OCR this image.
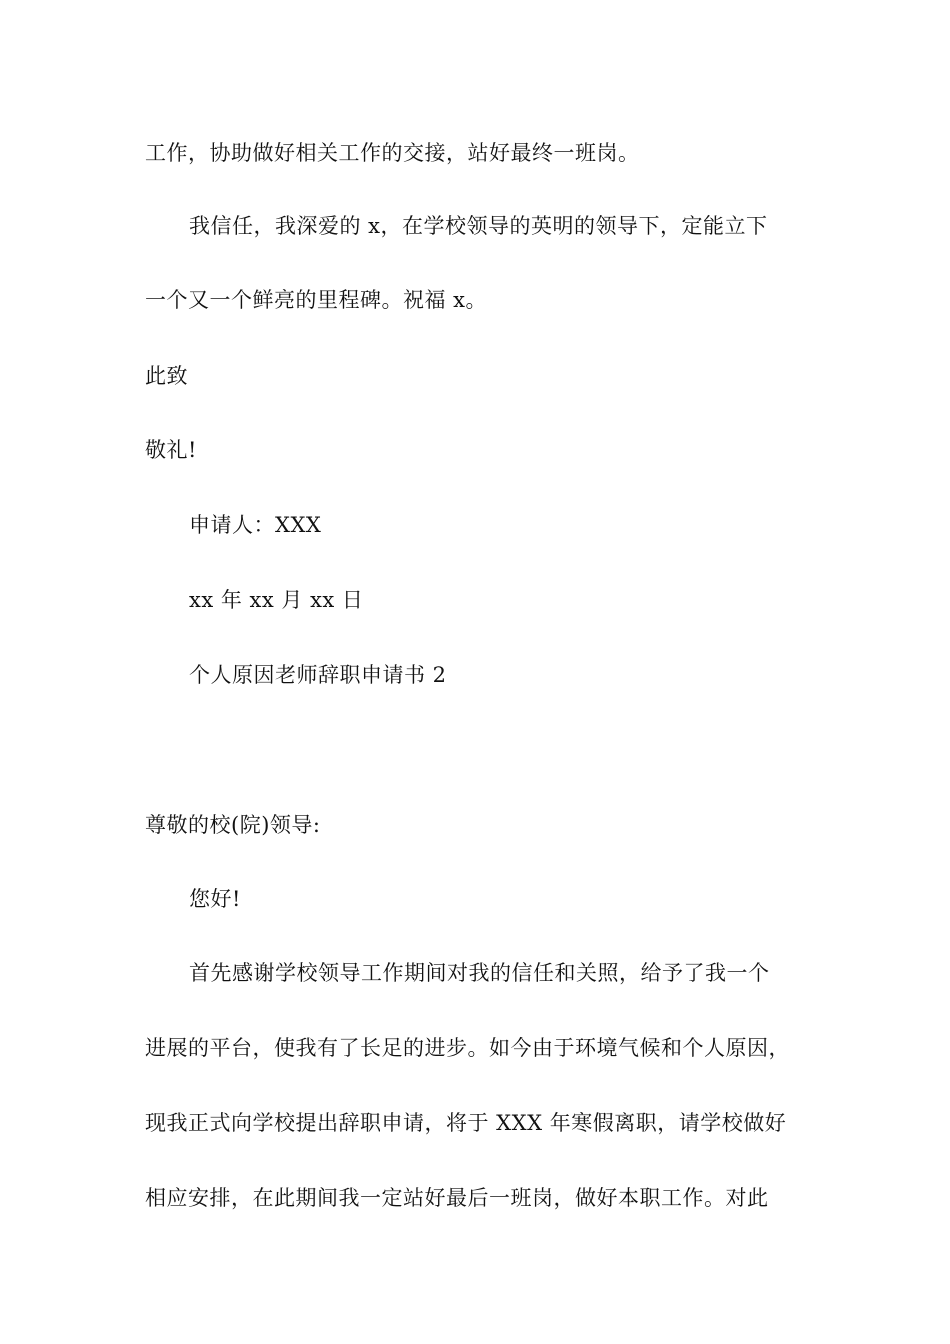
工作，协助做好相关工作的交接，站好最终一班岗。
我信任，我深爱的 x，在学校领导的英明的领导下，定能立下
一个又一个鲜亮的里程碑。祝福 x。
此致
敬礼!
申请人：XXX
xx 年 xx 月 xx 日
个人原因老师辞职申请书 2
尊敬的校(院)领导:
您好!
首先感谢学校领导工作期间对我的信任和关照，给予了我一个
进展的平台，使我有了长足的进步。如今由于环境气候和个人原因，
现我正式向学校提出辞职申请，将于 XXX 年寒假离职，请学校做好
相应安排，在此期间我一定站好最后一班岗，做好本职工作。对此
